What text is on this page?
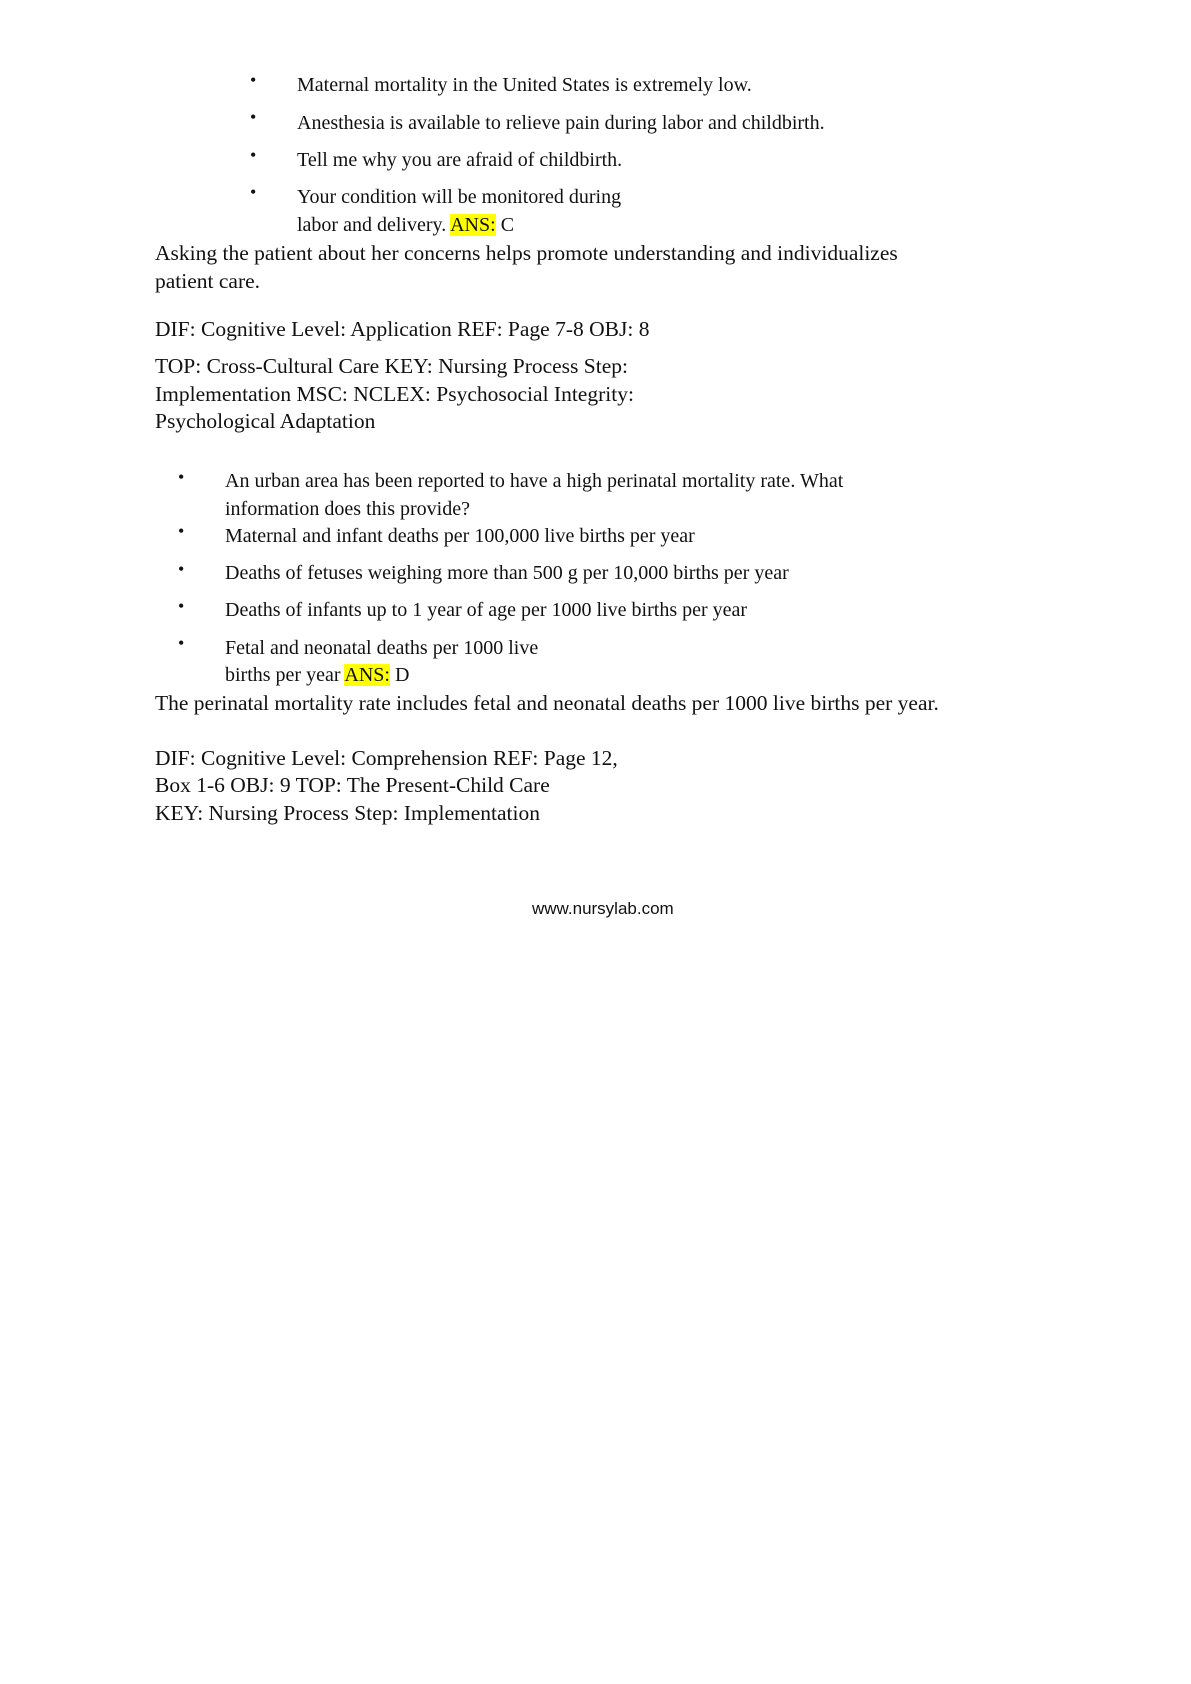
• Maternal mortality in the United States is extremely low.
• Anesthesia is available to relieve pain during labor and childbirth.
• Tell me why you are afraid of childbirth.
• Your condition will be monitored during
labor and delivery. ANS: C
Asking the patient about her concerns helps promote understanding and individualizes
patient care.
DIF: Cognitive Level: Application REF: Page 7-8 OBJ: 8
TOP: Cross-Cultural Care KEY: Nursing Process Step:
Implementation MSC: NCLEX: Psychosocial Integrity:
Psychological Adaptation
• An urban area has been reported to have a high perinatal mortality rate. What
information does this provide?
• Maternal and infant deaths per 100,000 live births per year
• Deaths of fetuses weighing more than 500 g per 10,000 births per year
• Deaths of infants up to 1 year of age per 1000 live births per year
• Fetal and neonatal deaths per 1000 live
births per year ANS: D
The perinatal mortality rate includes fetal and neonatal deaths per 1000 live births per year.
DIF: Cognitive Level: Comprehension REF: Page 12,
Box 1-6 OBJ: 9 TOP: The Present-Child Care
KEY: Nursing Process Step: Implementation
www.nursylab.com
